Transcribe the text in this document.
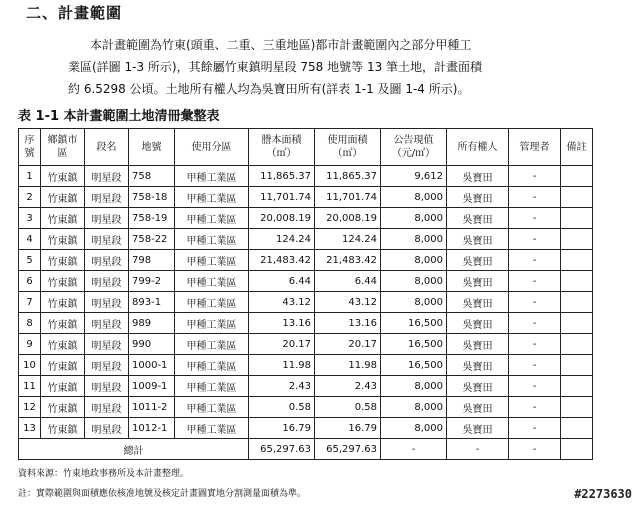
二、計畫範圍
本計畫範圍為竹東(頭重、二重、三重地區)都市計畫範圍內之部分甲種工
業區(詳圖 1-3 所示)，其餘屬竹東鎮明星段 758 地號等 13 筆土地，計畫面積
約 6.5298 公頃。土地所有權人均為吳寶田所有(詳表 1-1 及圖 1-4 所示)。
表 1-1 本計畫範圍土地清冊彙整表
序號	鄉鎮市區	段名	地號	使用分區	謄本面積（㎡）	使用面積（㎡）	公告現值（元/㎡）	所有權人	管理者	備註
1	竹東鎮	明星段	758	甲種工業區	11,865.37	11,865.37	9,612	吳寶田	-	
2	竹東鎮	明星段	758-18	甲種工業區	11,701.74	11,701.74	8,000	吳寶田	-	
3	竹東鎮	明星段	758-19	甲種工業區	20,008.19	20,008.19	8,000	吳寶田	-	
4	竹東鎮	明星段	758-22	甲種工業區	124.24	124.24	8,000	吳寶田	-	
5	竹東鎮	明星段	798	甲種工業區	21,483.42	21,483.42	8,000	吳寶田	-	
6	竹東鎮	明星段	799-2	甲種工業區	6.44	6.44	8,000	吳寶田	-	
7	竹東鎮	明星段	893-1	甲種工業區	43.12	43.12	8,000	吳寶田	-	
8	竹東鎮	明星段	989	甲種工業區	13.16	13.16	16,500	吳寶田	-	
9	竹東鎮	明星段	990	甲種工業區	20.17	20.17	16,500	吳寶田	-	
10	竹東鎮	明星段	1000-1	甲種工業區	11.98	11.98	16,500	吳寶田	-	
11	竹東鎮	明星段	1009-1	甲種工業區	2.43	2.43	8,000	吳寶田	-	
12	竹東鎮	明星段	1011-2	甲種工業區	0.58	0.58	8,000	吳寶田	-	
13	竹東鎮	明星段	1012-1	甲種工業區	16.79	16.79	8,000	吳寶田	-	
總計					65,297.63	65,297.63	-	-	-	
資料來源：竹東地政事務所及本計畫整理。
註：實際範圍與面積應依核准地號及核定計畫圖實地分割測量面積為準。	#2273630
